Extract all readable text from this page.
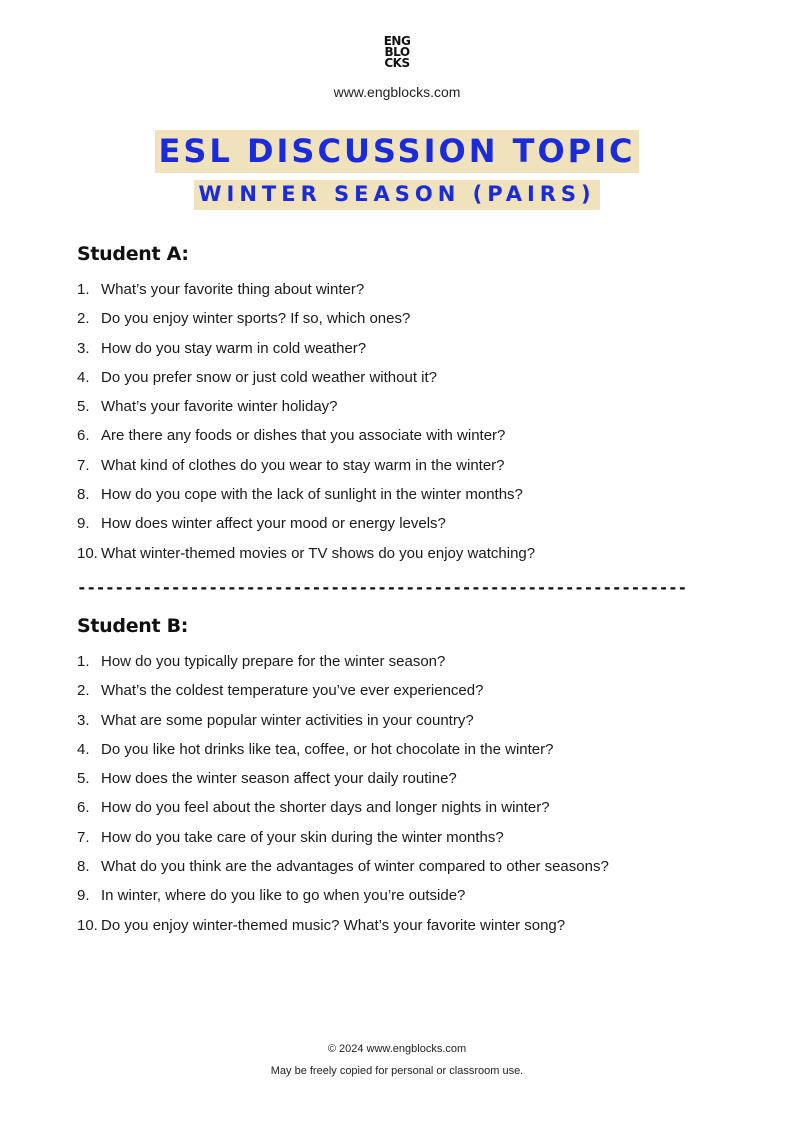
ENG
BLO
CKS
www.engblocks.com
ESL DISCUSSION TOPIC
WINTER SEASON (PAIRS)
Student A:
1. What’s your favorite thing about winter?
2. Do you enjoy winter sports? If so, which ones?
3. How do you stay warm in cold weather?
4. Do you prefer snow or just cold weather without it?
5. What’s your favorite winter holiday?
6. Are there any foods or dishes that you associate with winter?
7. What kind of clothes do you wear to stay warm in the winter?
8. How do you cope with the lack of sunlight in the winter months?
9. How does winter affect your mood or energy levels?
10. What winter-themed movies or TV shows do you enjoy watching?
-----------------------------------------------------------------
Student B:
1. How do you typically prepare for the winter season?
2. What’s the coldest temperature you’ve ever experienced?
3. What are some popular winter activities in your country?
4. Do you like hot drinks like tea, coffee, or hot chocolate in the winter?
5. How does the winter season affect your daily routine?
6. How do you feel about the shorter days and longer nights in winter?
7. How do you take care of your skin during the winter months?
8. What do you think are the advantages of winter compared to other seasons?
9. In winter, where do you like to go when you’re outside?
10. Do you enjoy winter-themed music? What’s your favorite winter song?
© 2024 www.engblocks.com
May be freely copied for personal or classroom use.
